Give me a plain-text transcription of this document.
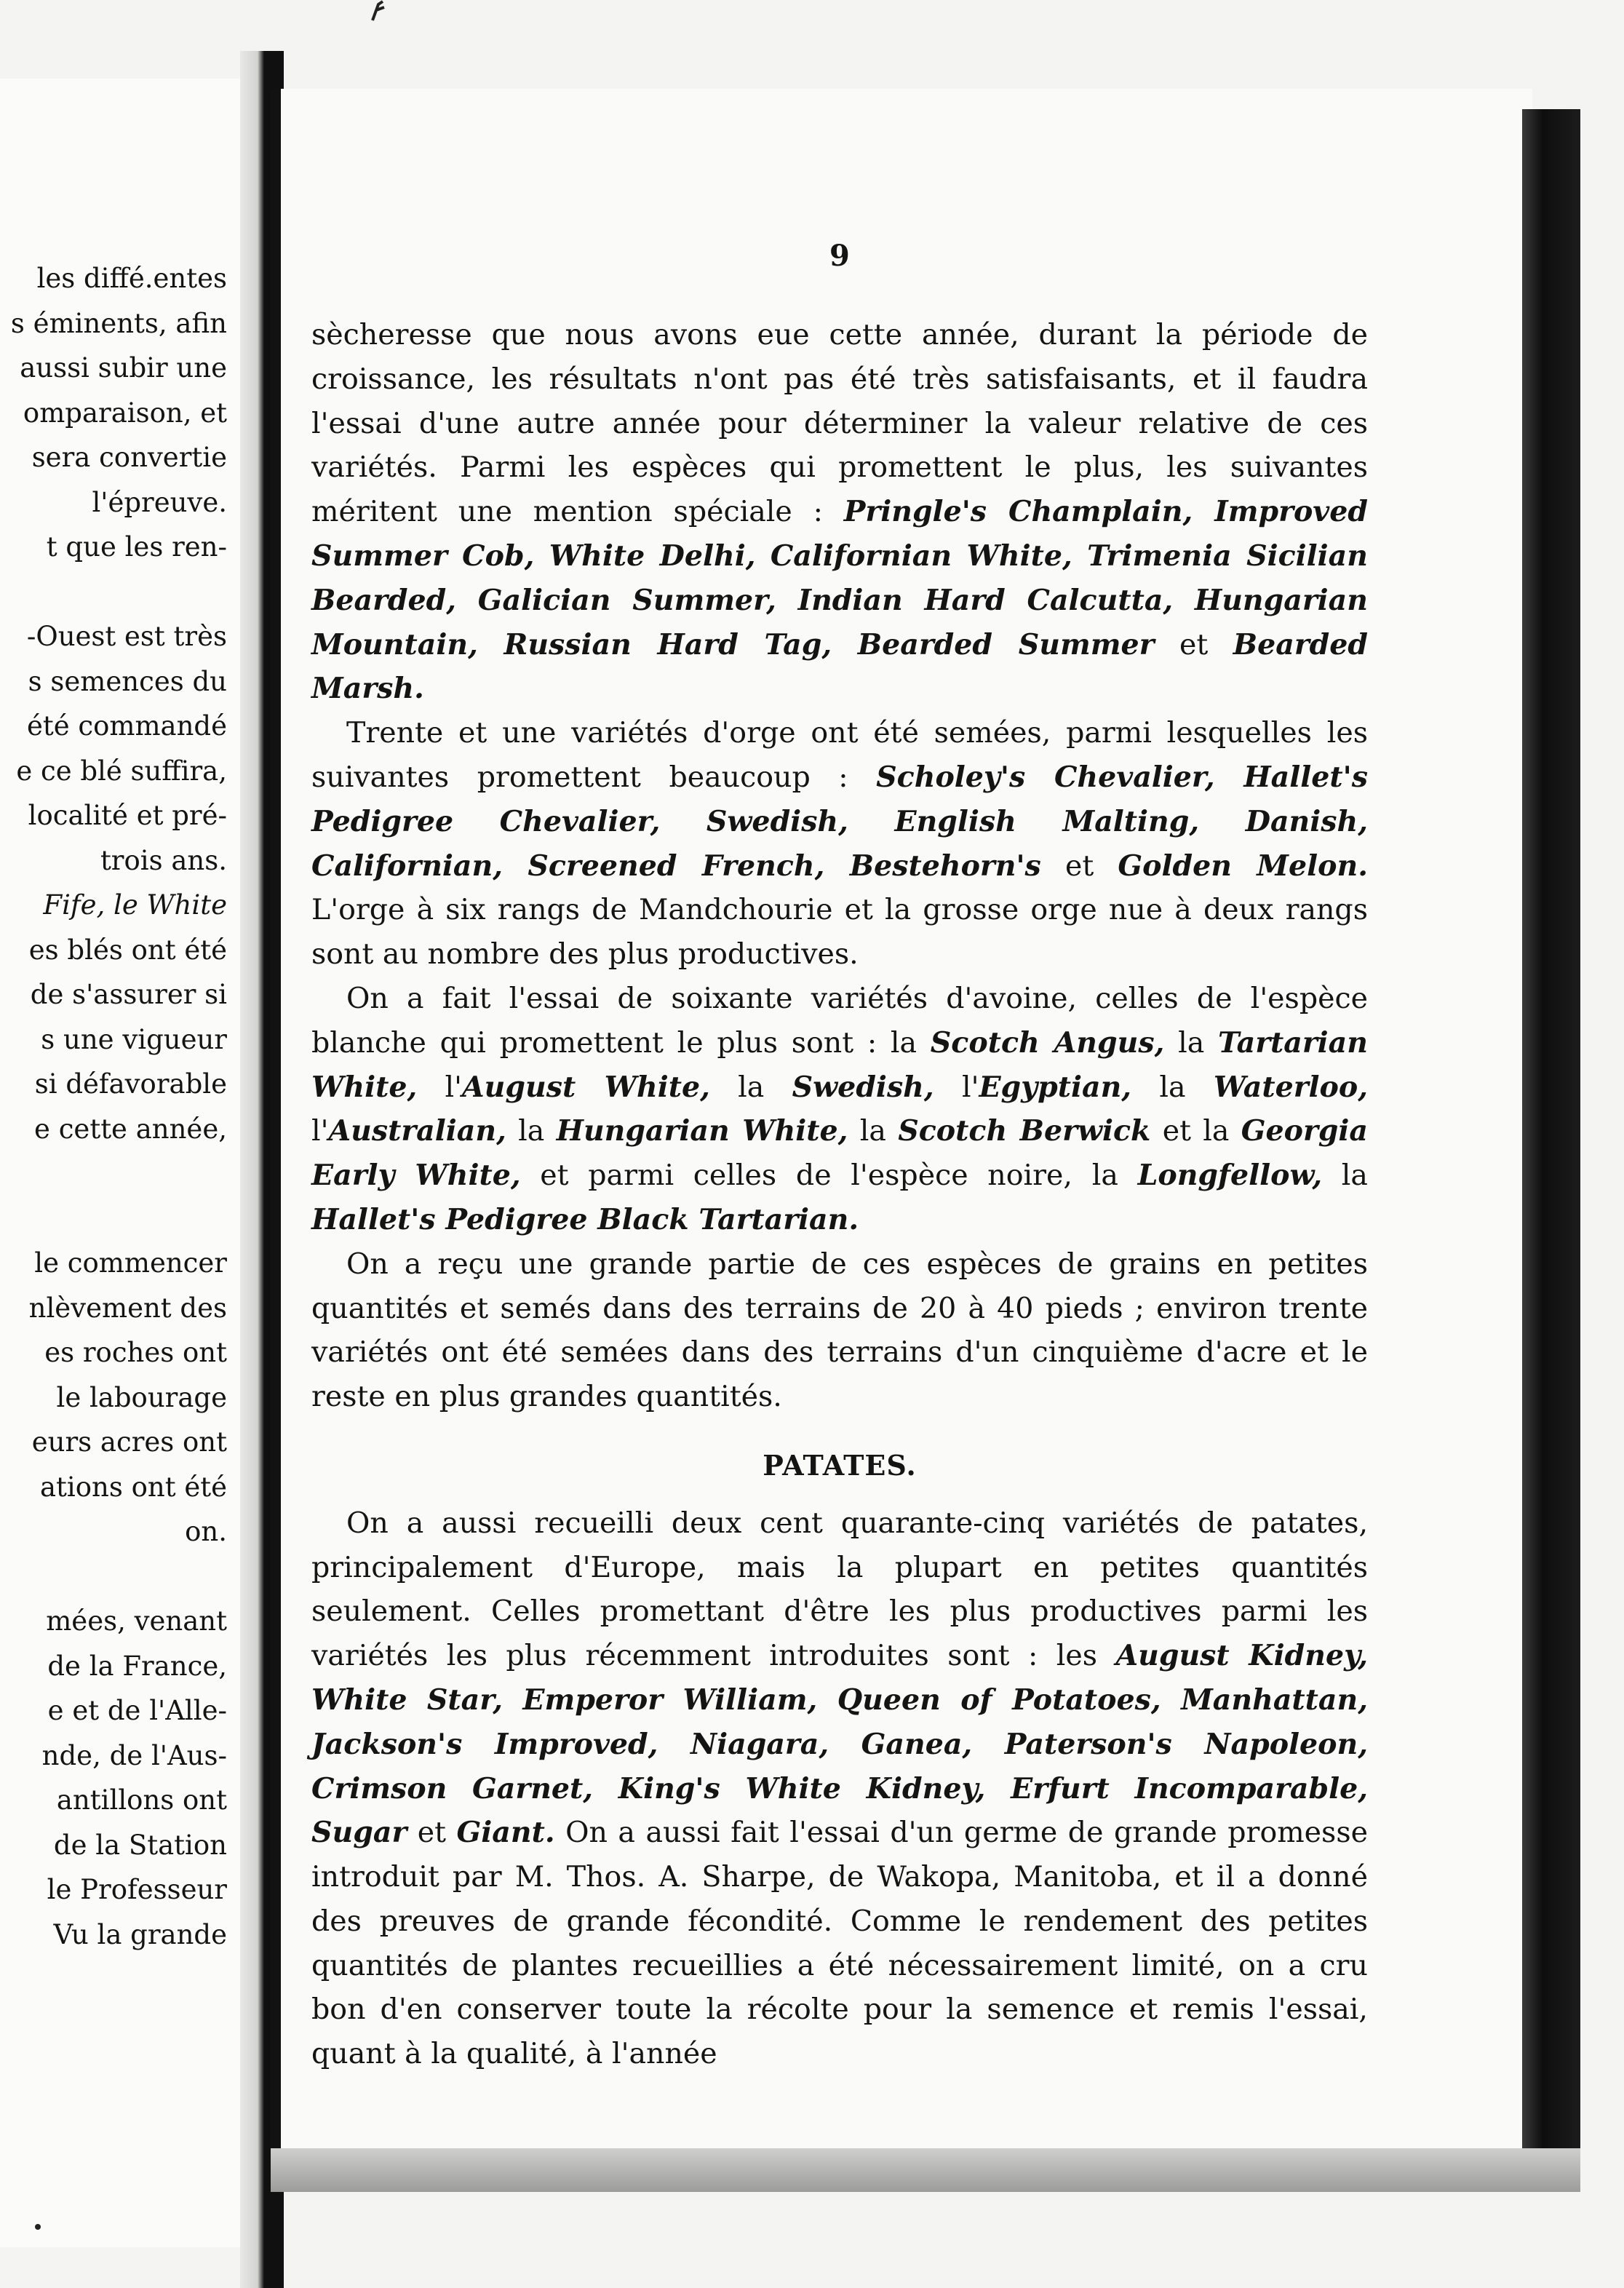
les diffé.entes
s éminents, afin
aussi subir une
omparaison, et
sera convertie
l'épreuve.
t que les ren-
-Ouest est très
s semences du
été commandé
e ce blé suffira,
localité et pré-
trois ans.
Fife, le White
es blés ont été
de s'assurer si
s une vigueur
si défavorable
e cette année,
le commencer
nlèvement des
es roches ont
le labourage
eurs acres ont
ations ont été
on.
mées, venant
de la France,
e et de l'Alle-
nde, de l'Aus-
antillons ont
de la Station
le Professeur
Vu la grande
9

sècheresse que nous avons eue cette année, durant la période de croissance, les résultats n'ont pas été très satisfaisants, et il faudra l'essai d'une autre année pour déterminer la valeur relative de ces variétés. Parmi les espèces qui promettent le plus, les suivantes méritent une mention spéciale : Pringle's Champlain, Improved Summer Cob, White Delhi, Californian White, Trimenia Sicilian Bearded, Galician Summer, Indian Hard Calcutta, Hungarian Mountain, Russian Hard Tag, Bearded Summer et Bearded Marsh.

Trente et une variétés d'orge ont été semées, parmi lesquelles les suivantes promettent beaucoup : Scholey's Chevalier, Hallet's Pedigree Chevalier, Swedish, English Malting, Danish, Californian, Screened French, Bestehorn's et Golden Melon. L'orge à six rangs de Mandchourie et la grosse orge nue à deux rangs sont au nombre des plus productives.

On a fait l'essai de soixante variétés d'avoine, celles de l'espèce blanche qui promettent le plus sont : la Scotch Angus, la Tartarian White, l'August White, la Swedish, l'Egyptian, la Waterloo, l'Australian, la Hungarian White, la Scotch Berwick et la Georgia Early White, et parmi celles de l'espèce noire, la Longfellow, la Hallet's Pedigree Black Tartarian.

On a reçu une grande partie de ces espèces de grains en petites quantités et semés dans des terrains de 20 à 40 pieds ; environ trente variétés ont été semées dans des terrains d'un cinquième d'acre et le reste en plus grandes quantités.

PATATES.

On a aussi recueilli deux cent quarante-cinq variétés de patates, principalement d'Europe, mais la plupart en petites quantités seulement. Celles promettant d'être les plus productives parmi les variétés les plus récemment introduites sont : les August Kidney, White Star, Emperor William, Queen of Potatoes, Manhattan, Jackson's Improved, Niagara, Ganea, Paterson's Napoleon, Crimson Garnet, King's White Kidney, Erfurt Incomparable, Sugar et Giant. On a aussi fait l'essai d'un germe de grande promesse introduit par M. Thos. A. Sharpe, de Wakopa, Manitoba, et il a donné des preuves de grande fécondité. Comme le rendement des petites quantités de plantes recueillies a été nécessairement limité, on a cru bon d'en conserver toute la récolte pour la semence et remis l'essai, quant à la qualité, à l'année
